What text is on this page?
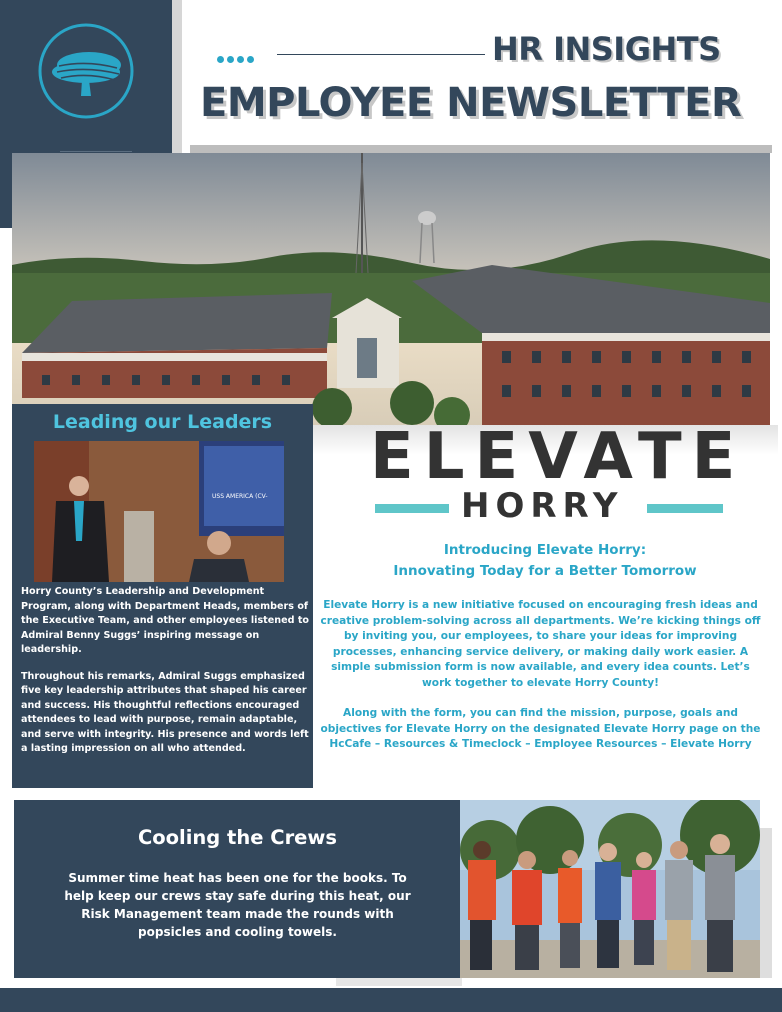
HR INSIGHTS
EMPLOYEE NEWSLETTER
Leading our Leaders
USS AMERICA (CV-

Horry County’s Leadership and Development Program, along with Department Heads, members of the Executive Team, and other employees listened to Admiral Benny Suggs’ inspiring message on leadership.

Throughout his remarks, Admiral Suggs emphasized five key leadership attributes that shaped his career and success. His thoughtful reflections encouraged attendees to lead with purpose, remain adaptable, and serve with integrity. His presence and words left a lasting impression on all who attended.

ELEVATE
HORRY
Introducing Elevate Horry:
Innovating Today for a Better Tomorrow

Elevate Horry is a new initiative focused on encouraging fresh ideas and creative problem-solving across all departments. We’re kicking things off by inviting you, our employees, to share your ideas for improving processes, enhancing service delivery, or making daily work easier. A simple submission form is now available, and every idea counts. Let’s work together to elevate Horry County!

Along with the form, you can find the mission, purpose, goals and objectives for Elevate Horry on the designated Elevate Horry page on the HcCafe – Resources & Timeclock – Employee Resources – Elevate Horry

Cooling the Crews
Summer time heat has been one for the books. To help keep our crews stay safe during this heat, our Risk Management team made the rounds with popsicles and cooling towels.
